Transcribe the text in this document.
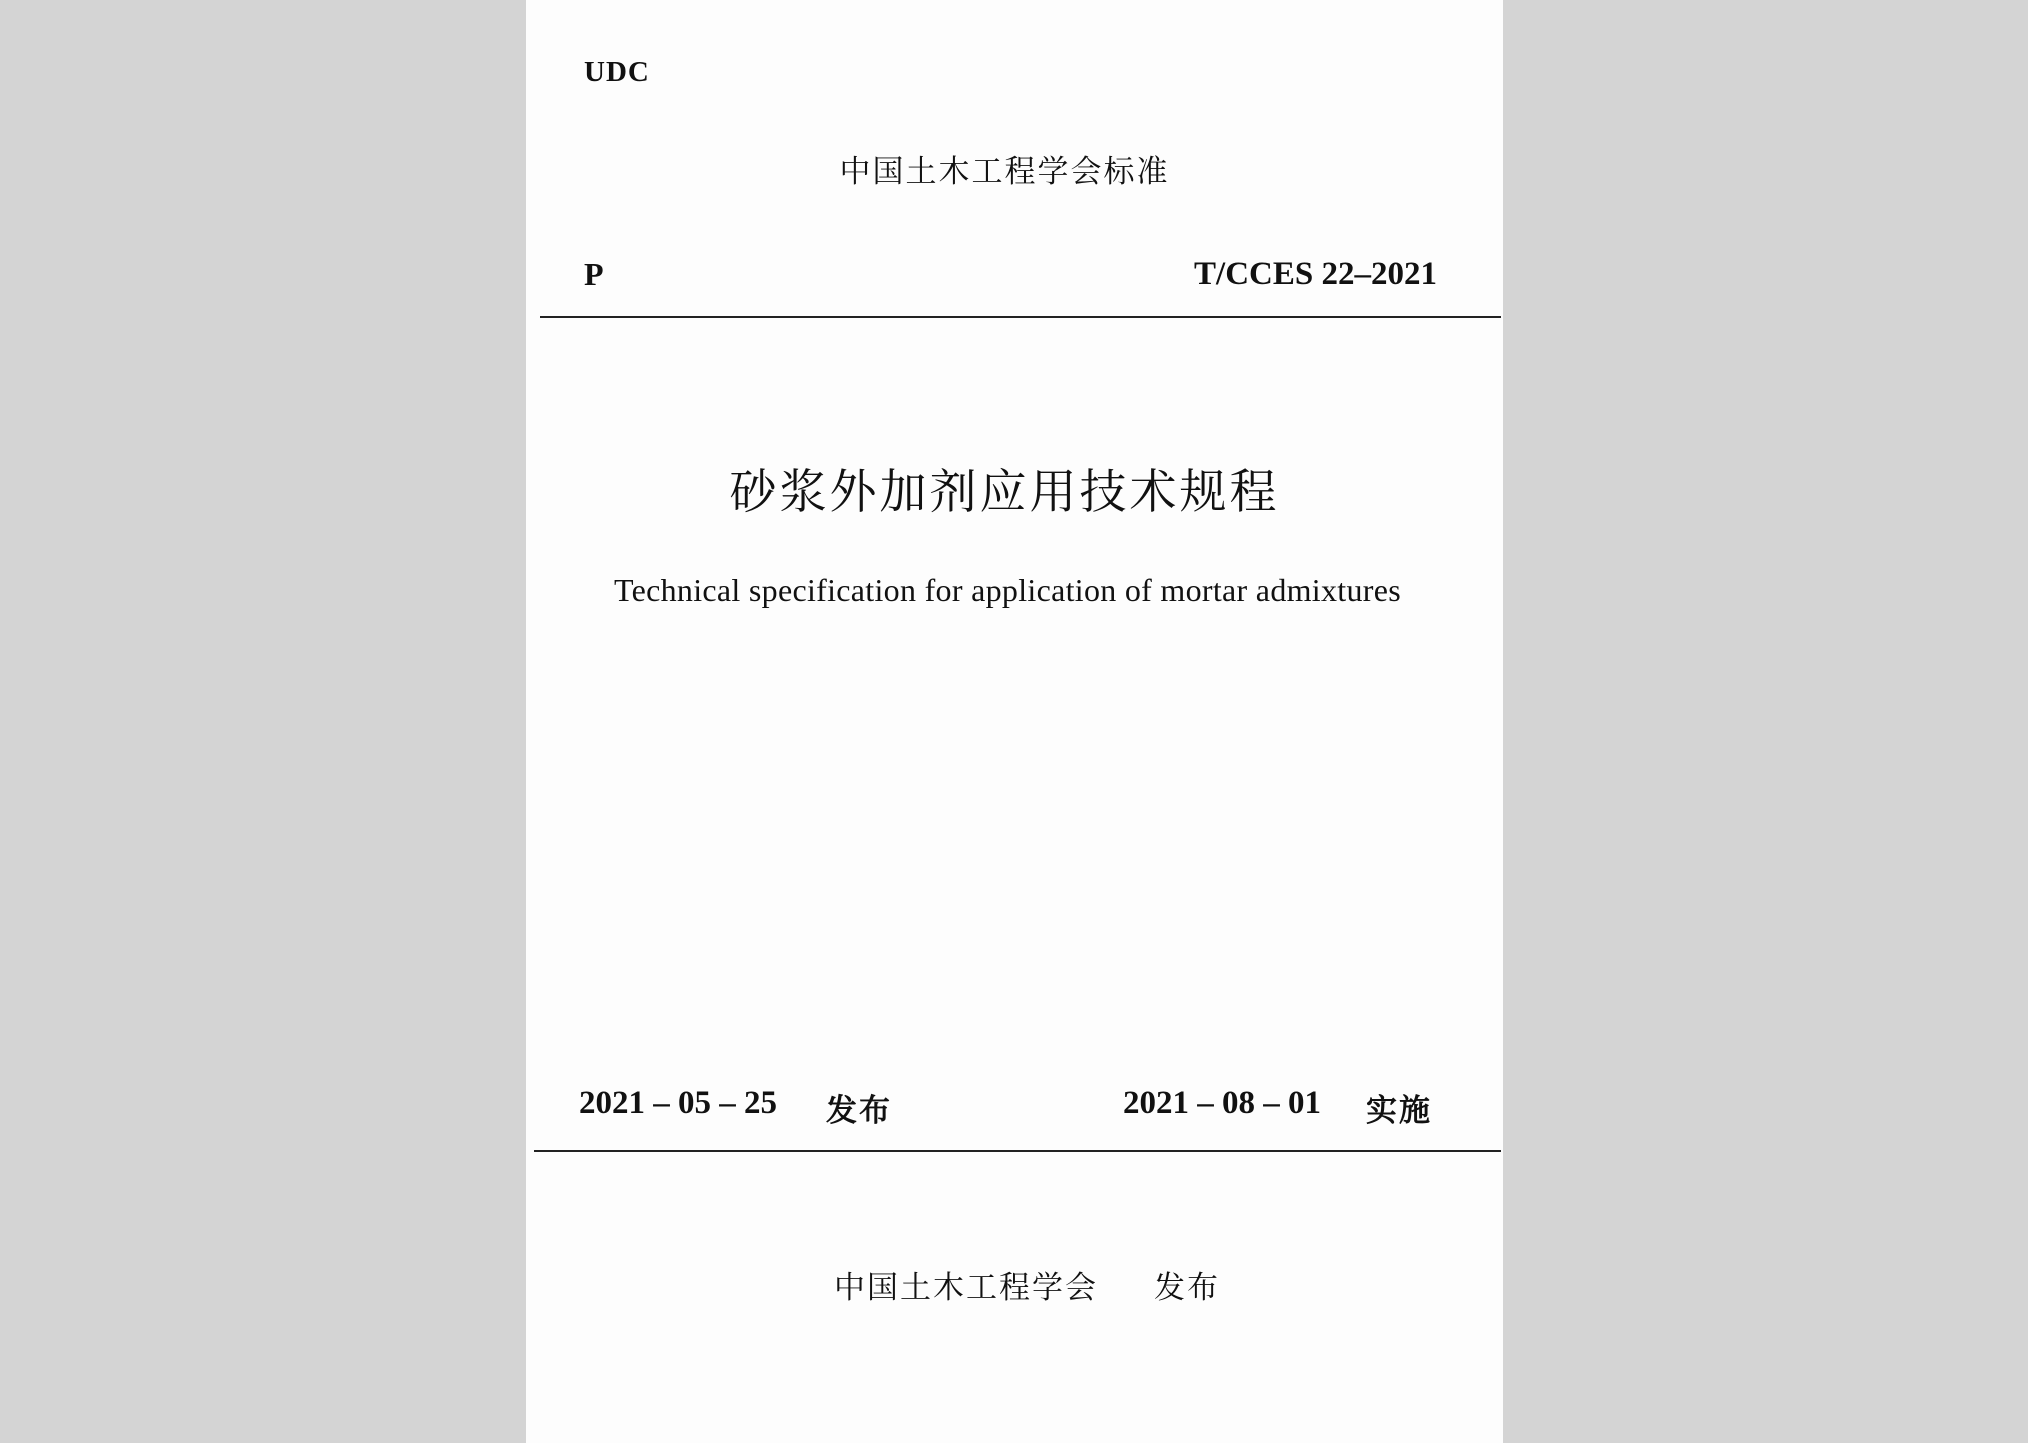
UDC
中国土木工程学会标准
P	T/CCES 22–2021
砂浆外加剂应用技术规程
Technical specification for application of mortar admixtures
2021 – 05 – 25 发布	2021 – 08 – 01 实施
中国土木工程学会 发布
